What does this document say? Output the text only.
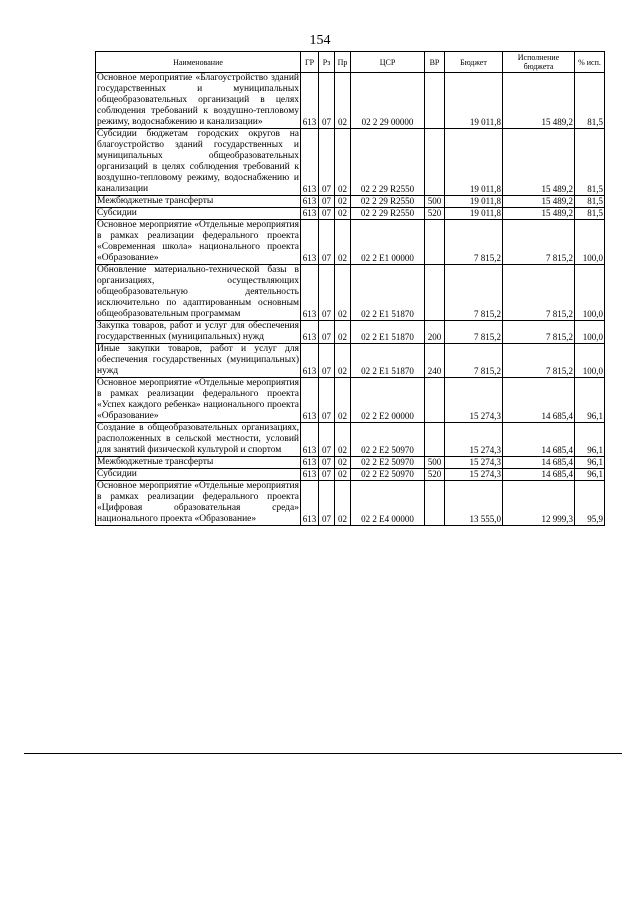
154
Наименование	ГР	Рз	Пр	ЦСР	ВР	Бюджет	Исполнение бюджета	% исп.
Основное мероприятие «Благоустройство зданий государственных и муниципальных общеобразовательных организаций в целях соблюдения требований к воздушно-тепловому режиму, водоснабжению и канализации»	613	07	02	02 2 29 00000		19 011,8	15 489,2	81,5
Субсидии бюджетам городских округов на благоустройство зданий государственных и муниципальных общеобразовательных организаций в целях соблюдения требований к воздушно-тепловому режиму, водоснабжению и канализации	613	07	02	02 2 29 R2550		19 011,8	15 489,2	81,5
Межбюджетные трансферты	613	07	02	02 2 29 R2550	500	19 011,8	15 489,2	81,5
Субсидии	613	07	02	02 2 29 R2550	520	19 011,8	15 489,2	81,5
Основное мероприятие «Отдельные мероприятия в рамках реализации федерального проекта «Современная школа» национального проекта «Образование»	613	07	02	02 2 E1 00000		7 815,2	7 815,2	100,0
Обновление материально-технической базы в организациях, осуществляющих общеобразовательную деятельность исключительно по адаптированным основным общеобразовательным программам	613	07	02	02 2 E1 51870		7 815,2	7 815,2	100,0
Закупка товаров, работ и услуг для обеспечения государственных (муниципальных) нужд	613	07	02	02 2 E1 51870	200	7 815,2	7 815,2	100,0
Иные закупки товаров, работ и услуг для обеспечения государственных (муниципальных) нужд	613	07	02	02 2 E1 51870	240	7 815,2	7 815,2	100,0
Основное мероприятие «Отдельные мероприятия в рамках реализации федерального проекта «Успех каждого ребенка» национального проекта «Образование»	613	07	02	02 2 E2 00000		15 274,3	14 685,4	96,1
Создание в общеобразовательных организациях, расположенных в сельской местности, условий для занятий физической культурой и спортом	613	07	02	02 2 E2 50970		15 274,3	14 685,4	96,1
Межбюджетные трансферты	613	07	02	02 2 E2 50970	500	15 274,3	14 685,4	96,1
Субсидии	613	07	02	02 2 E2 50970	520	15 274,3	14 685,4	96,1
Основное мероприятие «Отдельные мероприятия в рамках реализации федерального проекта «Цифровая образовательная среда» национального проекта «Образование»	613	07	02	02 2 E4 00000		13 555,0	12 999,3	95,9
